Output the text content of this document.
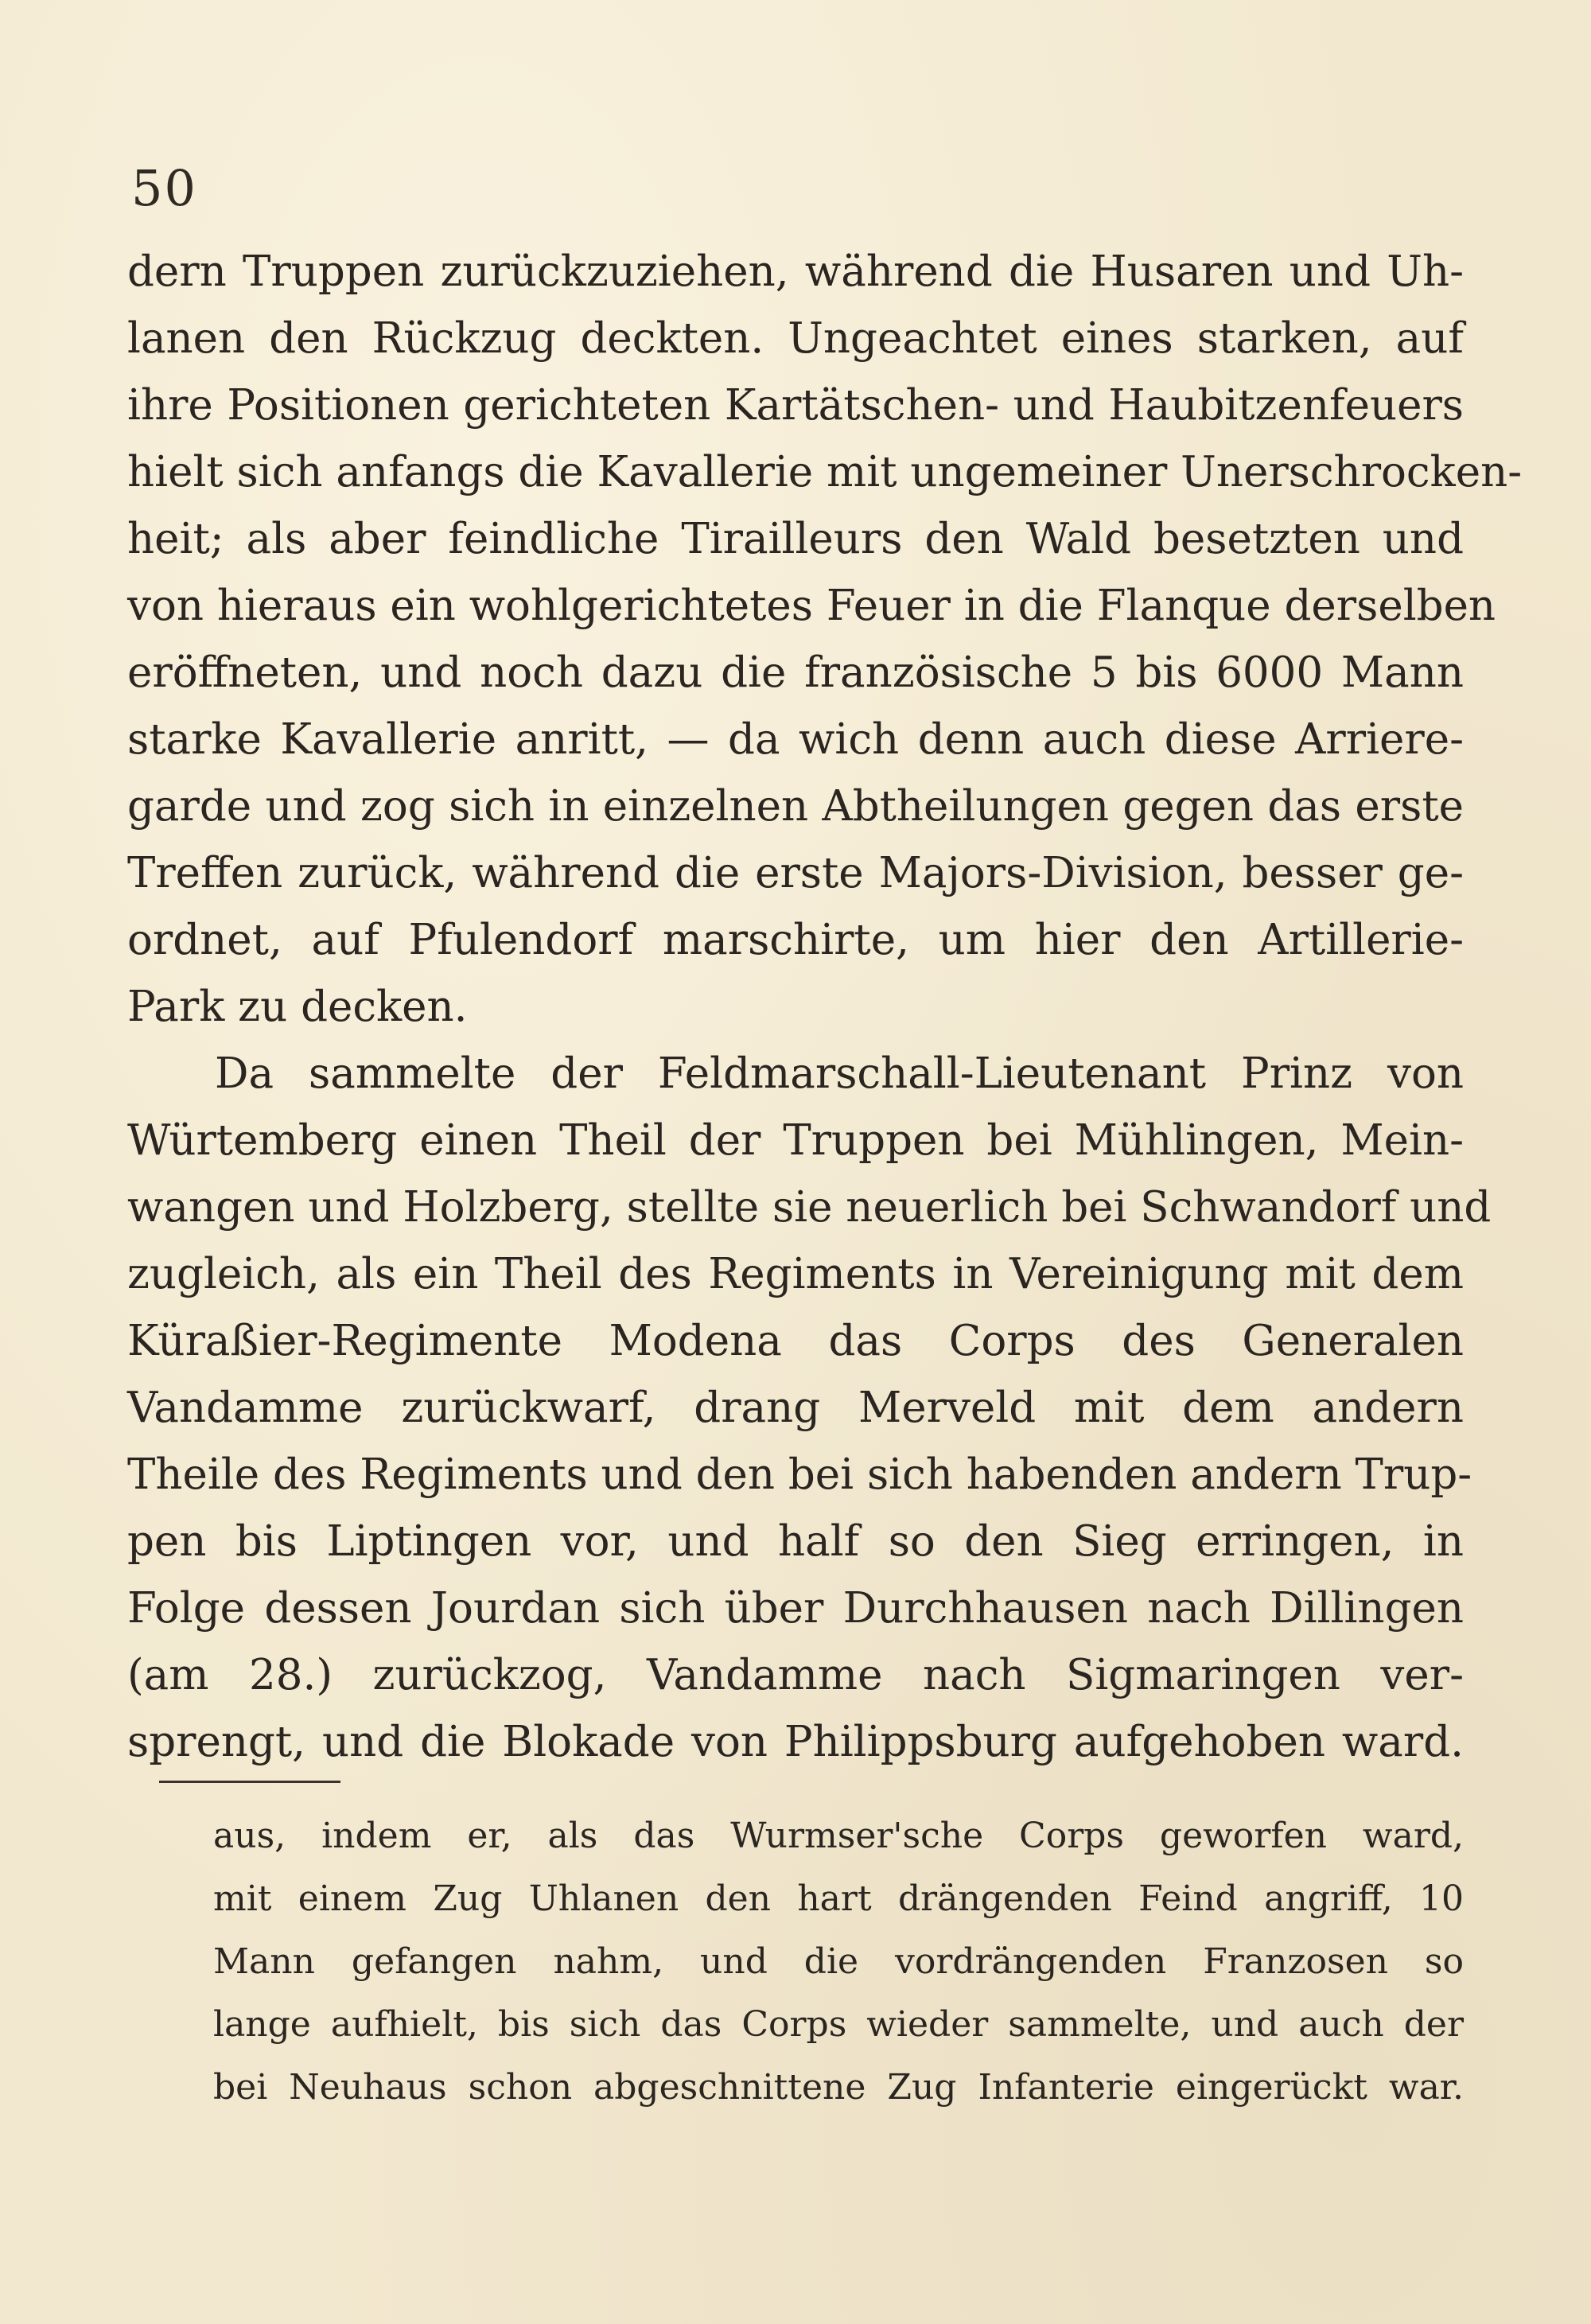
50
dern Truppen zurückzuziehen, während die Husaren und Uh-
lanen den Rückzug deckten. Ungeachtet eines starken, auf
ihre Positionen gerichteten Kartätschen- und Haubitzenfeuers
hielt sich anfangs die Kavallerie mit ungemeiner Unerschrocken-
heit; als aber feindliche Tirailleurs den Wald besetzten und
von hieraus ein wohlgerichtetes Feuer in die Flanque derselben
eröffneten, und noch dazu die französische 5 bis 6000 Mann
starke Kavallerie anritt, — da wich denn auch diese Arriere-
garde und zog sich in einzelnen Abtheilungen gegen das erste
Treffen zurück, während die erste Majors-Division, besser ge-
ordnet, auf Pfulendorf marschirte, um hier den Artillerie-
Park zu decken.
Da sammelte der Feldmarschall-Lieutenant Prinz von
Würtemberg einen Theil der Truppen bei Mühlingen, Mein-
wangen und Holzberg, stellte sie neuerlich bei Schwandorf und
zugleich, als ein Theil des Regiments in Vereinigung mit dem
Küraßier-Regimente Modena das Corps des Generalen
Vandamme zurückwarf, drang Merveld mit dem andern
Theile des Regiments und den bei sich habenden andern Trup-
pen bis Liptingen vor, und half so den Sieg erringen, in
Folge dessen Jourdan sich über Durchhausen nach Dillingen
(am 28.) zurückzog, Vandamme nach Sigmaringen ver-
sprengt, und die Blokade von Philippsburg aufgehoben ward.
aus, indem er, als das Wurmser'sche Corps geworfen ward,
mit einem Zug Uhlanen den hart drängenden Feind angriff, 10
Mann gefangen nahm, und die vordrängenden Franzosen so
lange aufhielt, bis sich das Corps wieder sammelte, und auch der
bei Neuhaus schon abgeschnittene Zug Infanterie eingerückt war.
